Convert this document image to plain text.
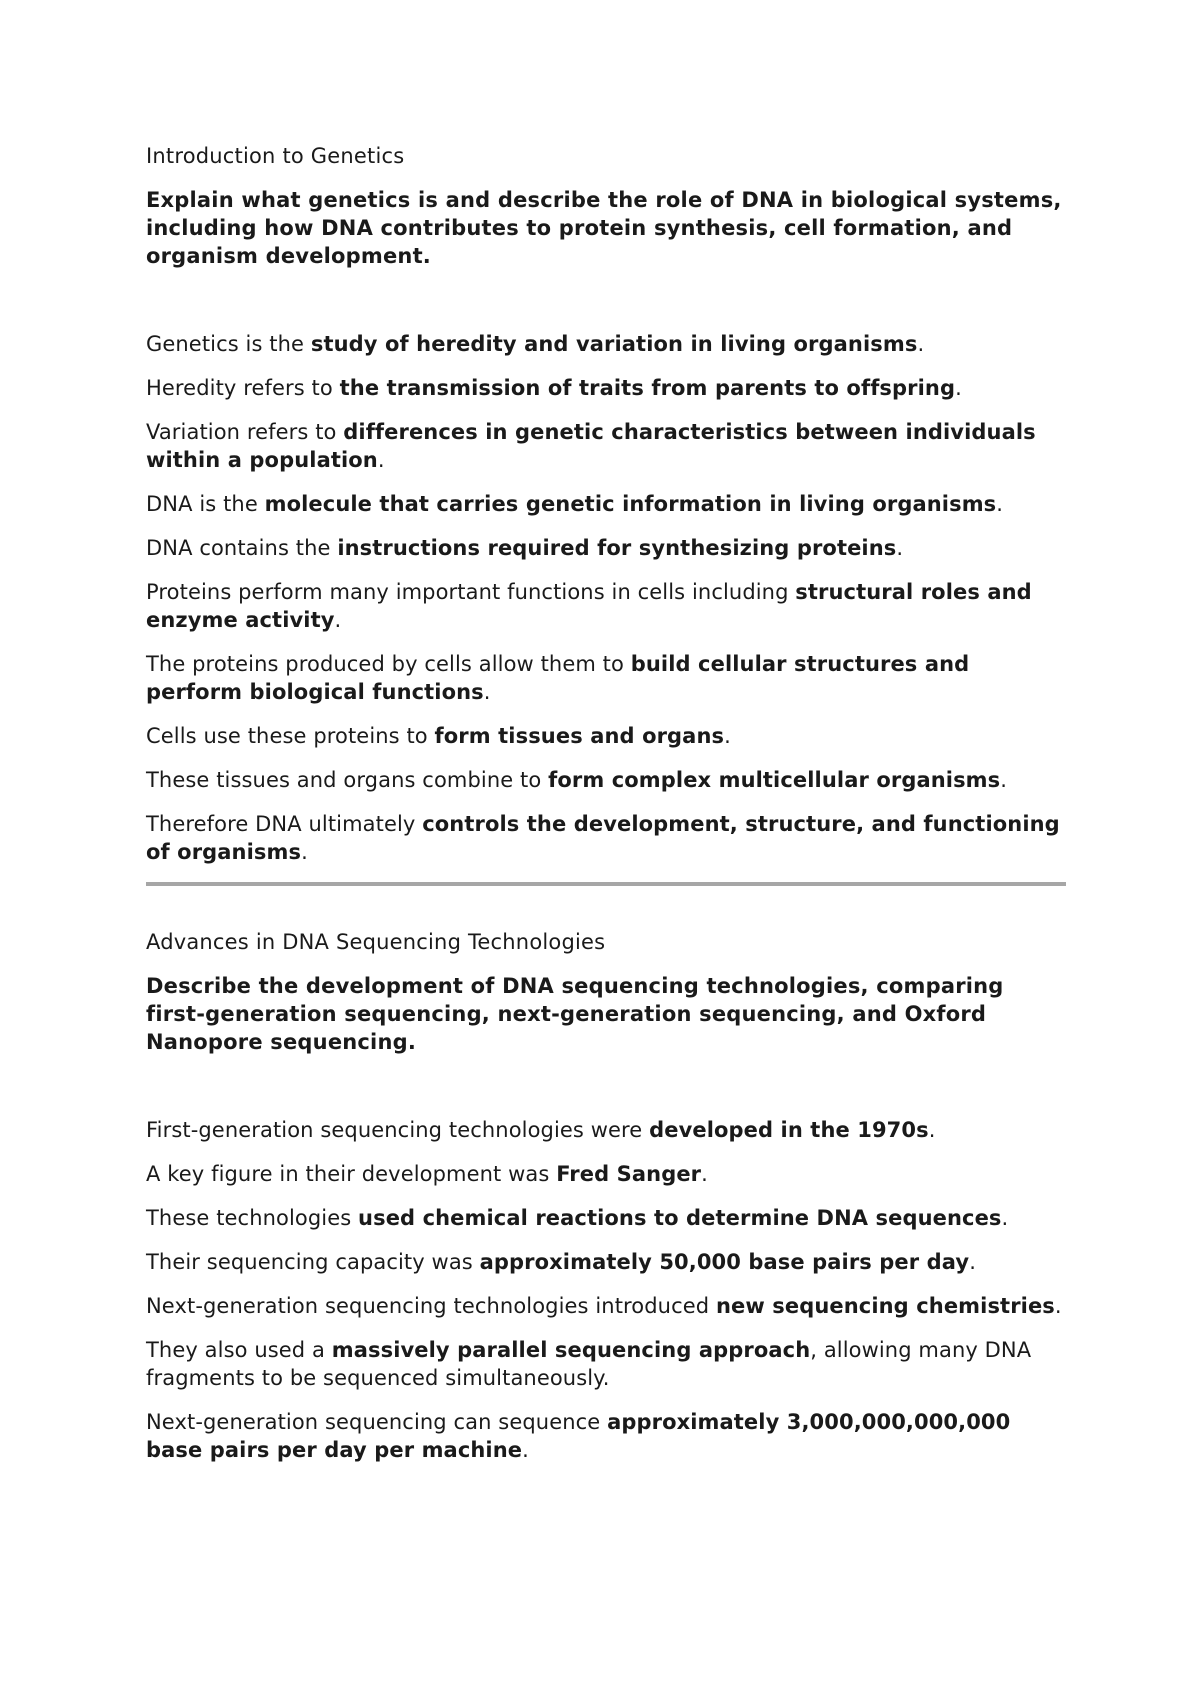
Introduction to Genetics
Explain what genetics is and describe the role of DNA in biological systems, including how DNA contributes to protein synthesis, cell formation, and organism development.

Genetics is the study of heredity and variation in living organisms.

Heredity refers to the transmission of traits from parents to offspring.

Variation refers to differences in genetic characteristics between individuals within a population.

DNA is the molecule that carries genetic information in living organisms.

DNA contains the instructions required for synthesizing proteins.

Proteins perform many important functions in cells including structural roles and enzyme activity.

The proteins produced by cells allow them to build cellular structures and perform biological functions.

Cells use these proteins to form tissues and organs.

These tissues and organs combine to form complex multicellular organisms.

Therefore DNA ultimately controls the development, structure, and functioning of organisms.

Advances in DNA Sequencing Technologies
Describe the development of DNA sequencing technologies, comparing first-generation sequencing, next-generation sequencing, and Oxford Nanopore sequencing.

First-generation sequencing technologies were developed in the 1970s.

A key figure in their development was Fred Sanger.

These technologies used chemical reactions to determine DNA sequences.

Their sequencing capacity was approximately 50,000 base pairs per day.

Next-generation sequencing technologies introduced new sequencing chemistries.

They also used a massively parallel sequencing approach, allowing many DNA fragments to be sequenced simultaneously.

Next-generation sequencing can sequence approximately 3,000,000,000,000 base pairs per day per machine.
